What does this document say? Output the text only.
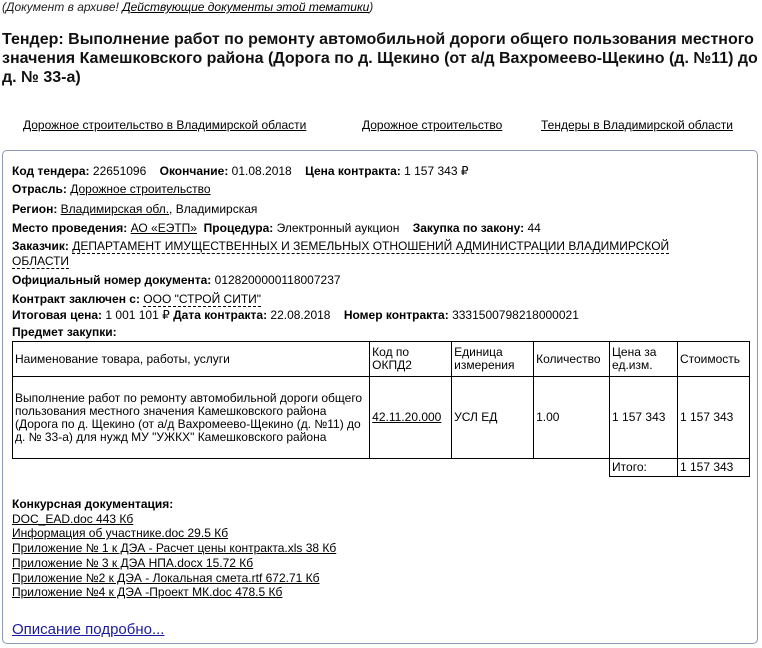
(Документ в архиве! Действующие документы этой тематики)
Тендер: Выполнение работ по ремонту автомобильной дороги общего пользования местного значения Камешковского района (Дорога по д. Щекино (от а/д Вахромеево-Щекино (д. №11) до д. № 33-а)
Дорожное строительство в Владимирской области	Дорожное строительство	Тендеры в Владимирской области
Код тендера: 22651096 Окончание: 01.08.2018 Цена контракта: 1 157 343 ₽
Отрасль: Дорожное строительство
Регион: Владимирская обл., Владимирская
Место проведения: АО «ЕЭТП» Процедура: Электронный аукцион Закупка по закону: 44
Заказчик: ДЕПАРТАМЕНТ ИМУЩЕСТВЕННЫХ И ЗЕМЕЛЬНЫХ ОТНОШЕНИЙ АДМИНИСТРАЦИИ ВЛАДИМИРСКОЙ
ОБЛАСТИ
Официальный номер документа: 0128200000118007237
Контракт заключен с: ООО "СТРОЙ СИТИ"
Итоговая цена: 1 001 101 ₽ Дата контракта: 22.08.2018 Номер контракта: 3331500798218000021
Предмет закупки:
Наименование товара, работы, услуги	Код по ОКПД2	Единица измерения	Количество	Цена за ед.изм.	Стоимость
Выполнение работ по ремонту автомобильной дороги общего пользования местного значения Камешковского района (Дорога по д. Щекино (от а/д Вахромеево-Щекино (д. №11) до д. № 33-а) для нужд МУ "УЖКХ" Камешковского района	42.11.20.000	УСЛ ЕД	1.00	1 157 343	1 157 343
				Итого:	1 157 343
Конкурсная документация:
DOC_EAD.doc 443 Кб
Информация об участнике.doc 29.5 Кб
Приложение № 1 к ДЭА - Расчет цены контракта.xls 38 Кб
Приложение № 3 к ДЭА НПА.docx 15.72 Кб
Приложение №2 к ДЭА - Локальная смета.rtf 672.71 Кб
Приложение №4 к ДЭА -Проект МК.doc 478.5 Кб
Описание подробно...
